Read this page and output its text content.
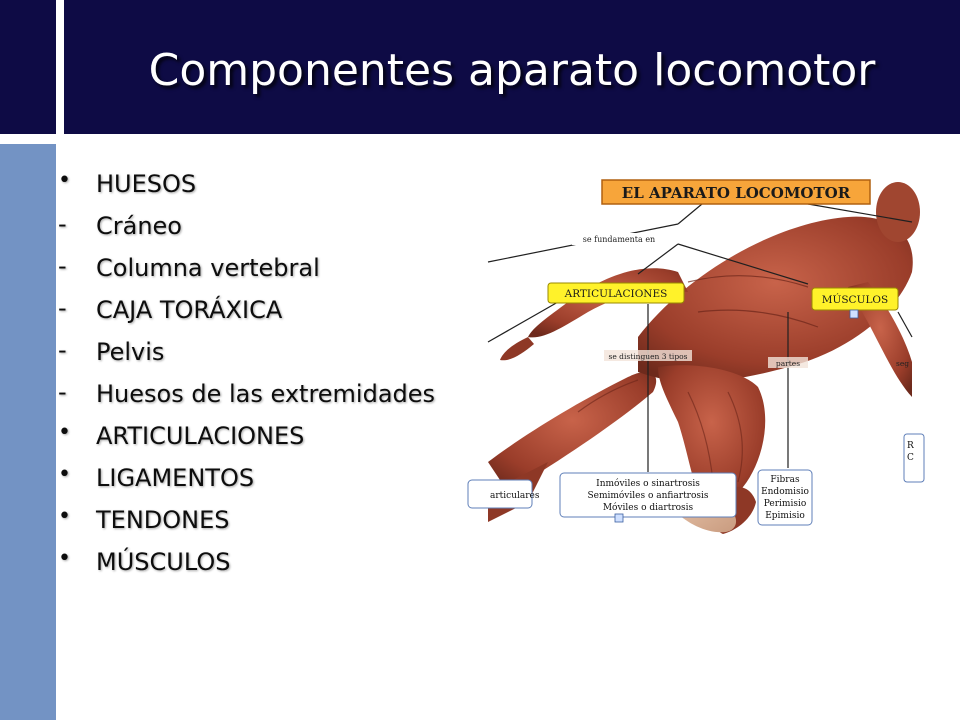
Componentes aparato locomotor
•	HUESOS
-	Cráneo
-	Columna vertebral
-	CAJA TORÁXICA
-	Pelvis
-	Huesos de las extremidades
•	ARTICULACIONES
•	LIGAMENTOS
•	TENDONES
•	MÚSCULOS
EL APARATO LOCOMOTOR
se fundamenta en
ARTICULACIONES	MÚSCULOS
se distinguen 3 tipos
partes	seg
Inmóviles o sinartrosis
Semimóviles o anfiartrosis
Móviles o diartrosis
Fibras
Endomisio
Perimisio
Epimisio
articulares
R
C
